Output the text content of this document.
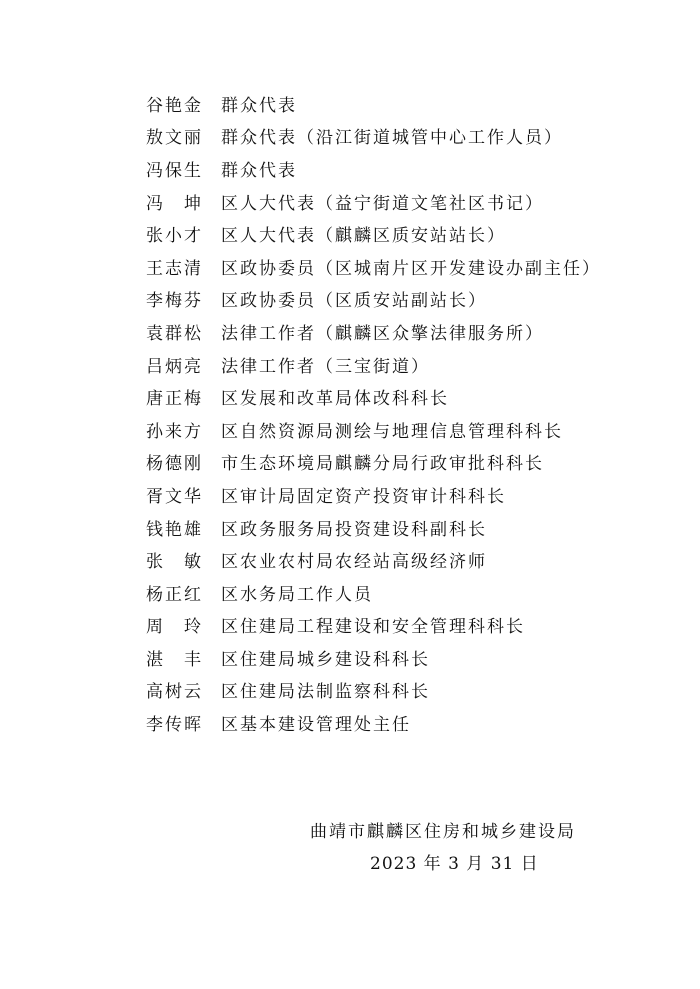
谷艳金	群众代表
敖文丽	群众代表（沿江街道城管中心工作人员）
冯保生	群众代表
冯　坤	区人大代表（益宁街道文笔社区书记）
张小才	区人大代表（麒麟区质安站站长）
王志清	区政协委员（区城南片区开发建设办副主任）
李梅芬	区政协委员（区质安站副站长）
袁群松	法律工作者（麒麟区众擎法律服务所）
吕炳亮	法律工作者（三宝街道）
唐正梅	区发展和改革局体改科科长
孙来方	区自然资源局测绘与地理信息管理科科长
杨德刚	市生态环境局麒麟分局行政审批科科长
胥文华	区审计局固定资产投资审计科科长
钱艳雄	区政务服务局投资建设科副科长
张　敏	区农业农村局农经站高级经济师
杨正红	区水务局工作人员
周　玲	区住建局工程建设和安全管理科科长
湛　丰	区住建局城乡建设科科长
高树云	区住建局法制监察科科长
李传晖	区基本建设管理处主任
曲靖市麒麟区住房和城乡建设局
2023 年 3 月 31 日
